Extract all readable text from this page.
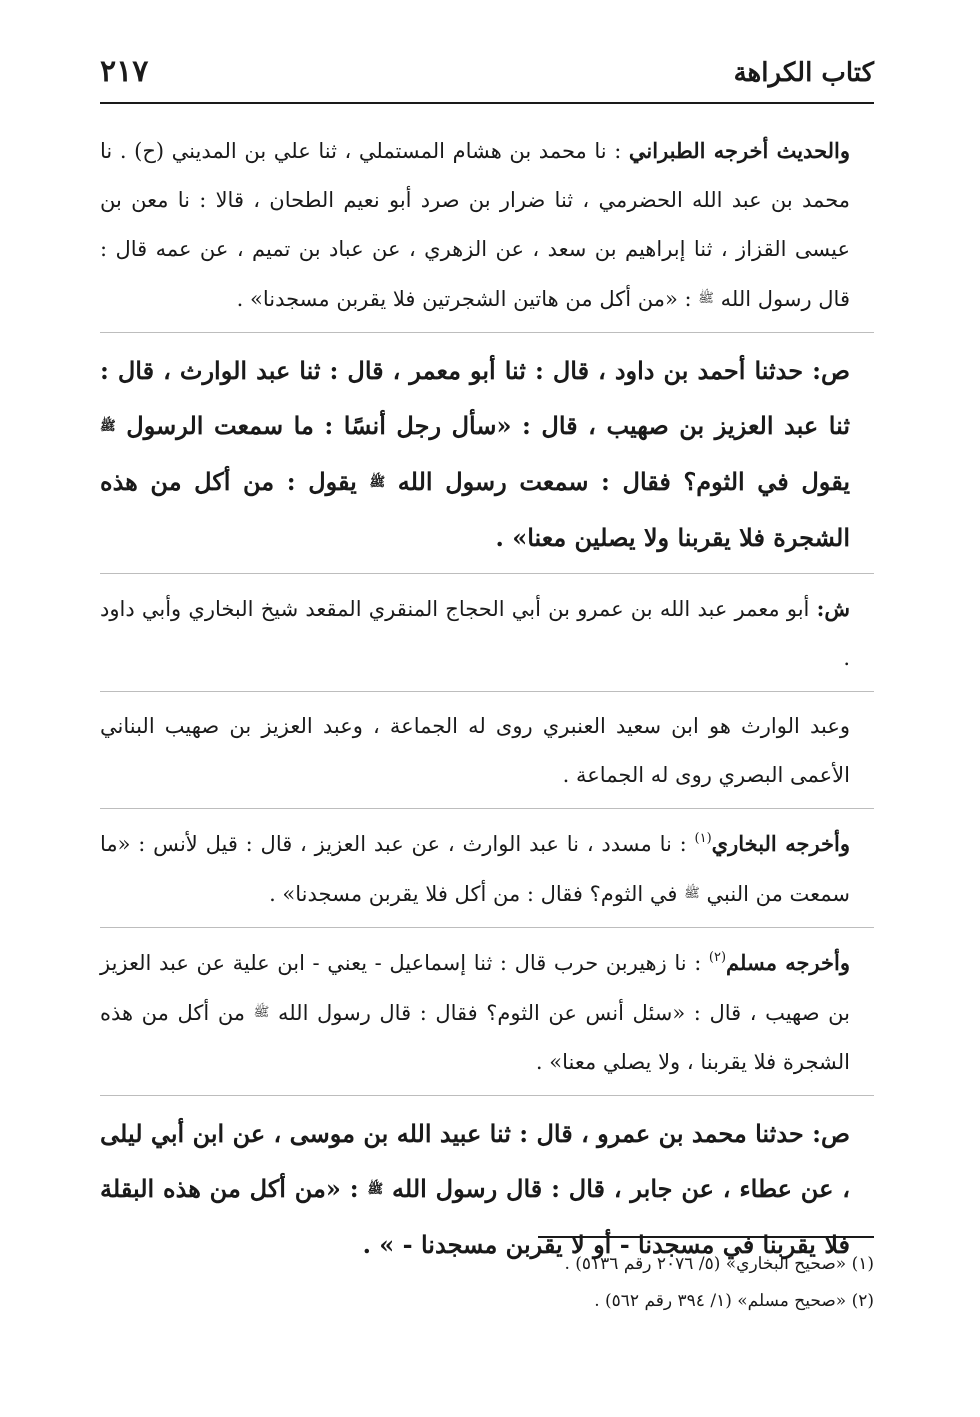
كتاب الكراهة
٢١٧

والحديث أخرجه الطبراني : نا محمد بن هشام المستملي ، ثنا علي بن المديني (ح) . نا محمد بن عبد الله الحضرمي ، ثنا ضرار بن صرد أبو نعيم الطحان ، قالا : نا معن بن عيسى القزاز ، ثنا إبراهيم بن سعد ، عن الزهري ، عن عباد بن تميم ، عن عمه قال : قال رسول الله ﷺ : «من أكل من هاتين الشجرتين فلا يقربن مسجدنا» .

ص: حدثنا أحمد بن داود ، قال : ثنا أبو معمر ، قال : ثنا عبد الوارث ، قال : ثنا عبد العزيز بن صهيب ، قال : «سأل رجل أنسًا : ما سمعت الرسول ﷺ يقول في الثوم؟ فقال : سمعت رسول الله ﷺ يقول : من أكل من هذه الشجرة فلا يقربنا ولا يصلين معنا» .

ش: أبو معمر عبد الله بن عمرو بن أبي الحجاج المنقري المقعد شيخ البخاري وأبي داود .

وعبد الوارث هو ابن سعيد العنبري روى له الجماعة ، وعبد العزيز بن صهيب البناني الأعمى البصري روى له الجماعة .

وأخرجه البخاري$^{(١)}$ : نا مسدد ، نا عبد الوارث ، عن عبد العزيز ، قال : قيل لأنس : «ما سمعت من النبي ﷺ في الثوم؟ فقال : من أكل فلا يقربن مسجدنا» .

وأخرجه مسلم$^{(٢)}$ : نا زهيربن حرب قال : ثنا إسماعيل - يعني - ابن علية عن عبد العزيز بن صهيب ، قال : «سئل أنس عن الثوم؟ فقال : قال رسول الله ﷺ من أكل من هذه الشجرة فلا يقربنا ، ولا يصلي معنا» .

ص: حدثنا محمد بن عمرو ، قال : ثنا عبيد الله بن موسى ، عن ابن أبي ليلى ، عن عطاء ، عن جابر ، قال : قال رسول الله ﷺ : «من أكل من هذه البقلة فلا يقربنا في مسجدنا - أو لا يقربن مسجدنا - » .

(١) «صحيح البخاري» (٥/ ٢٠٧٦ رقم ٥١٣٦) .

(٢) «صحيح مسلم» (١/ ٣٩٤ رقم ٥٦٢) .
